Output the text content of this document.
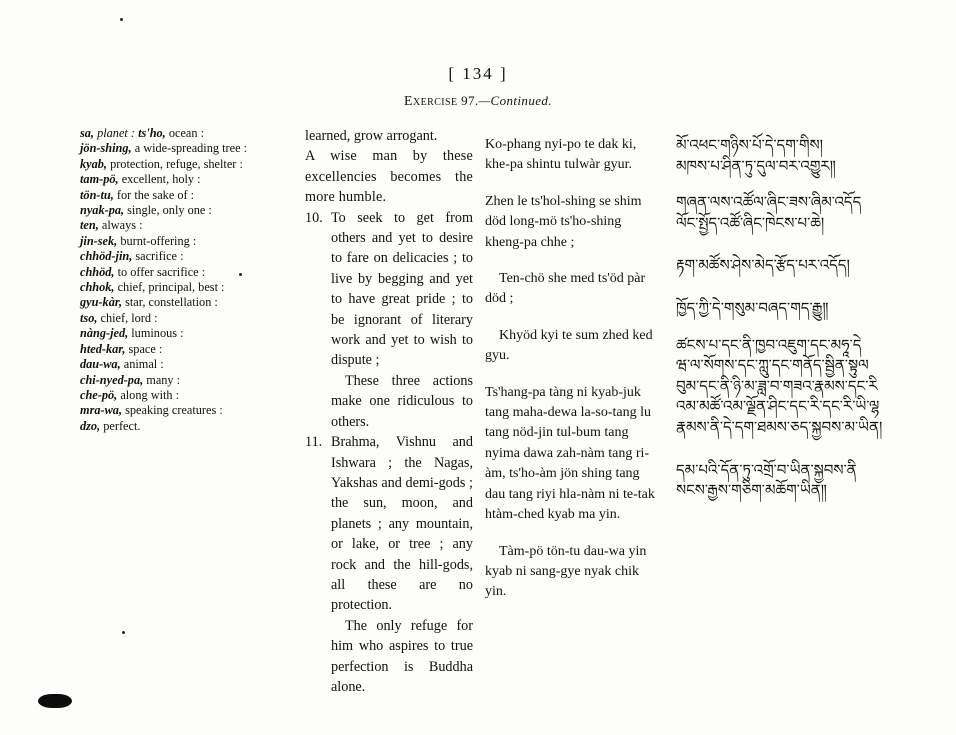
[ 134 ]
Exercise 97.—Continued.
sa, planet : ts'ho, ocean :
jön-shing, a wide-spreading tree :
kyab, protection, refuge, shelter :
tam-pö, excellent, holy :
tön-tu, for the sake of :
nyak-pa, single, only one :
ten, always :
jin-sek, burnt-offering :
chhöd-jin, sacrifice :
chhöd, to offer sacrifice :
chhok, chief, principal, best :
gyu-kàr, star, constellation :
tso, chief, lord :
nàng-jed, luminous :
hted-kar, space :
dau-wa, animal :
chi-nyed-pa, many :
che-pö, along with :
mra-wa, speaking creatures :
dzo, perfect.

learned, grow arrogant.

A wise man by these excellencies becomes the more humble.

10. To seek to get from others and yet to desire to fare on delicacies ; to live by begging and yet to have great pride ; to be ignorant of literary work and yet to wish to dispute ;

These three actions make one ridiculous to others.

11. Brahma, Vishnu and Ishwara ; the Nagas, Yakshas and demi-gods ; the sun, moon, and planets ; any mountain, or lake, or tree ; any rock and the hill-gods, all these are no protection.

The only refuge for him who aspires to true perfection is Buddha alone.

Ko-phang nyi-po te dak ki, khe-pa shintu tulwàr gyur.

Zhen le ts'hol-shing se shim död long-mö ts'ho-shing kheng-pa chhe ;

Ten-chö she med ts'öd pàr död ;

Khyöd kyi te sum zhed ked gyu.

Ts'hang-pa tàng ni kyab-juk tang maha-dewa la-so-tang lu tang nöd-jin tul-bum tang nyima dawa zah-nàm tang ri-àm, ts'ho-àm jön shing tang dau tang riyi hla-nàm ni te-tak htàm-ched kyab ma yin.

Tàm-pö tön-tu dau-wa yin kyab ni sang-gye nyak chik yin.

མོ་འཕང་གཉིས་པོ་དེ་དག་གིས།

མཁས་པ་ཤིན་ཏུ་དུལ་བར་འགྱུར༎

གཞན་ལས་འཚོལ་ཞིང་ཟས་ཞིམ་འདོད

ལོང་སྤྱོད་འཚོ་ཞིང་ཁེངས་པ་ཆེ།

རྟག་མཚོས་ཤེས་མེད་རྩོད་པར་འདོད།

ཁྱོད་ཀྱི་དེ་གསུམ་བཞད་གད་རྒྱུ༎

ཚངས་པ་དང་ནི་ཁྱབ་འཇུག་དང་མཧཱ་དེ

ཝ་ལ་སོགས་དང་ཀླུ་དང་གནོད་སྦྱིན་སྟུལ

བུམ་དང་ནི་ཉི་མ་ཟླ་བ་གཟའ་རྣམས་དང་རི

འམ་མཚོ་འམ་ལྗོན་ཤིང་དང་རི་དང་རི་ཡི་ལྷ

རྣམས་ནི་དེ་དག་ཐམས་ཅད་སྐྱབས་མ་ཡིན།

དམ་པའི་དོན་ཏུ་འགྲོ་བ་ཡིན་སྐྱབས་ནི

སངས་རྒྱས་གཅིག་མཆོག་ཡིན༎
